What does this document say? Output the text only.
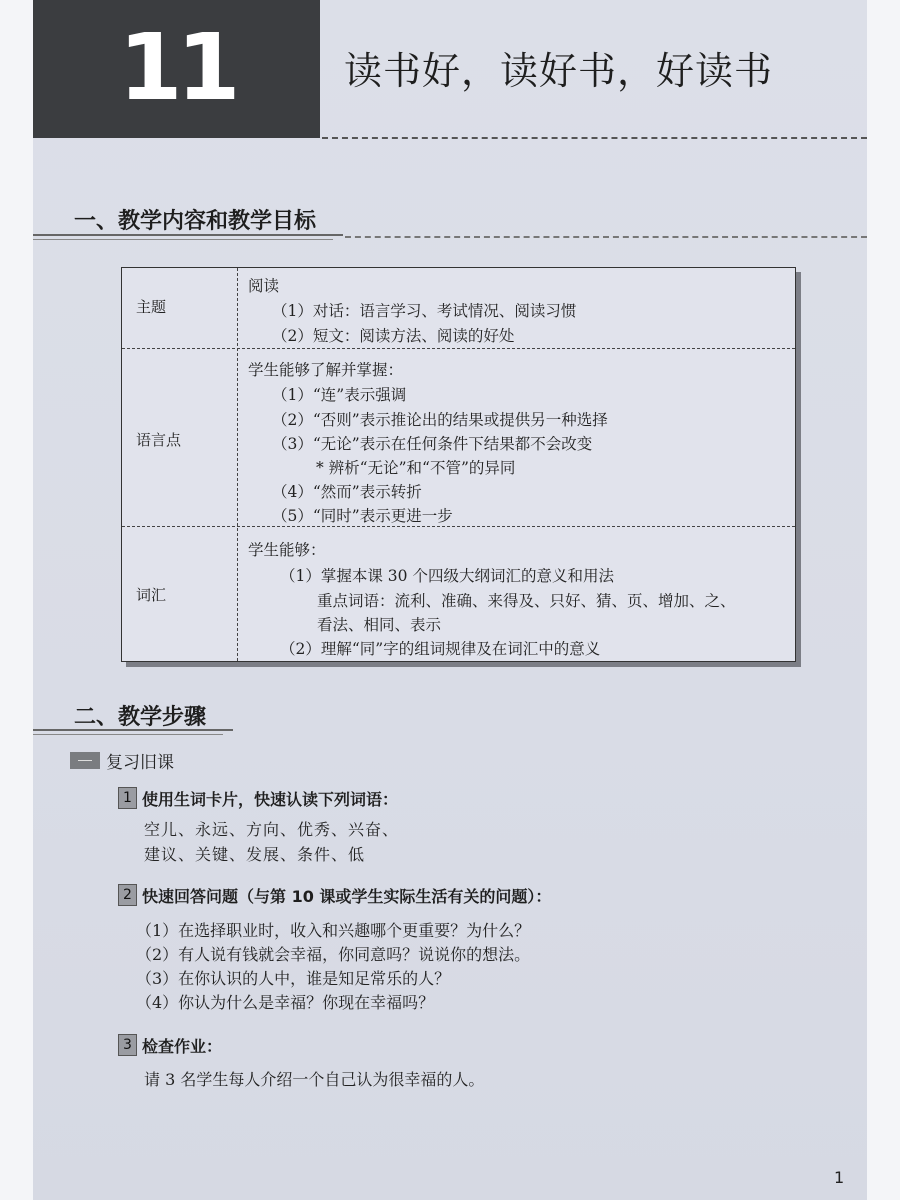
11	读书好，读好书，好读书
一、教学内容和教学目标
主题
阅读
（1）对话：语言学习、考试情况、阅读习惯
（2）短文：阅读方法、阅读的好处
语言点
学生能够了解并掌握：
（1）“连”表示强调
（2）“否则”表示推论出的结果或提供另一种选择
（3）“无论”表示在任何条件下结果都不会改变
* 辨析“无论”和“不管”的异同
（4）“然而”表示转折
（5）“同时”表示更进一步
词汇
学生能够：
（1）掌握本课 30 个四级大纲词汇的意义和用法
重点词语：流利、准确、来得及、只好、猜、页、增加、之、
看法、相同、表示
（2）理解“同”字的组词规律及在词汇中的意义
二、教学步骤
复习旧课
1 使用生词卡片，快速认读下列词语：
空儿、永远、方向、优秀、兴奋、
建议、关键、发展、条件、低
2 快速回答问题（与第 10 课或学生实际生活有关的问题）：
（1）在选择职业时，收入和兴趣哪个更重要？为什么？
（2）有人说有钱就会幸福，你同意吗？说说你的想法。
（3）在你认识的人中，谁是知足常乐的人？
（4）你认为什么是幸福？你现在幸福吗？
3 检查作业：
请 3 名学生每人介绍一个自己认为很幸福的人。
1
